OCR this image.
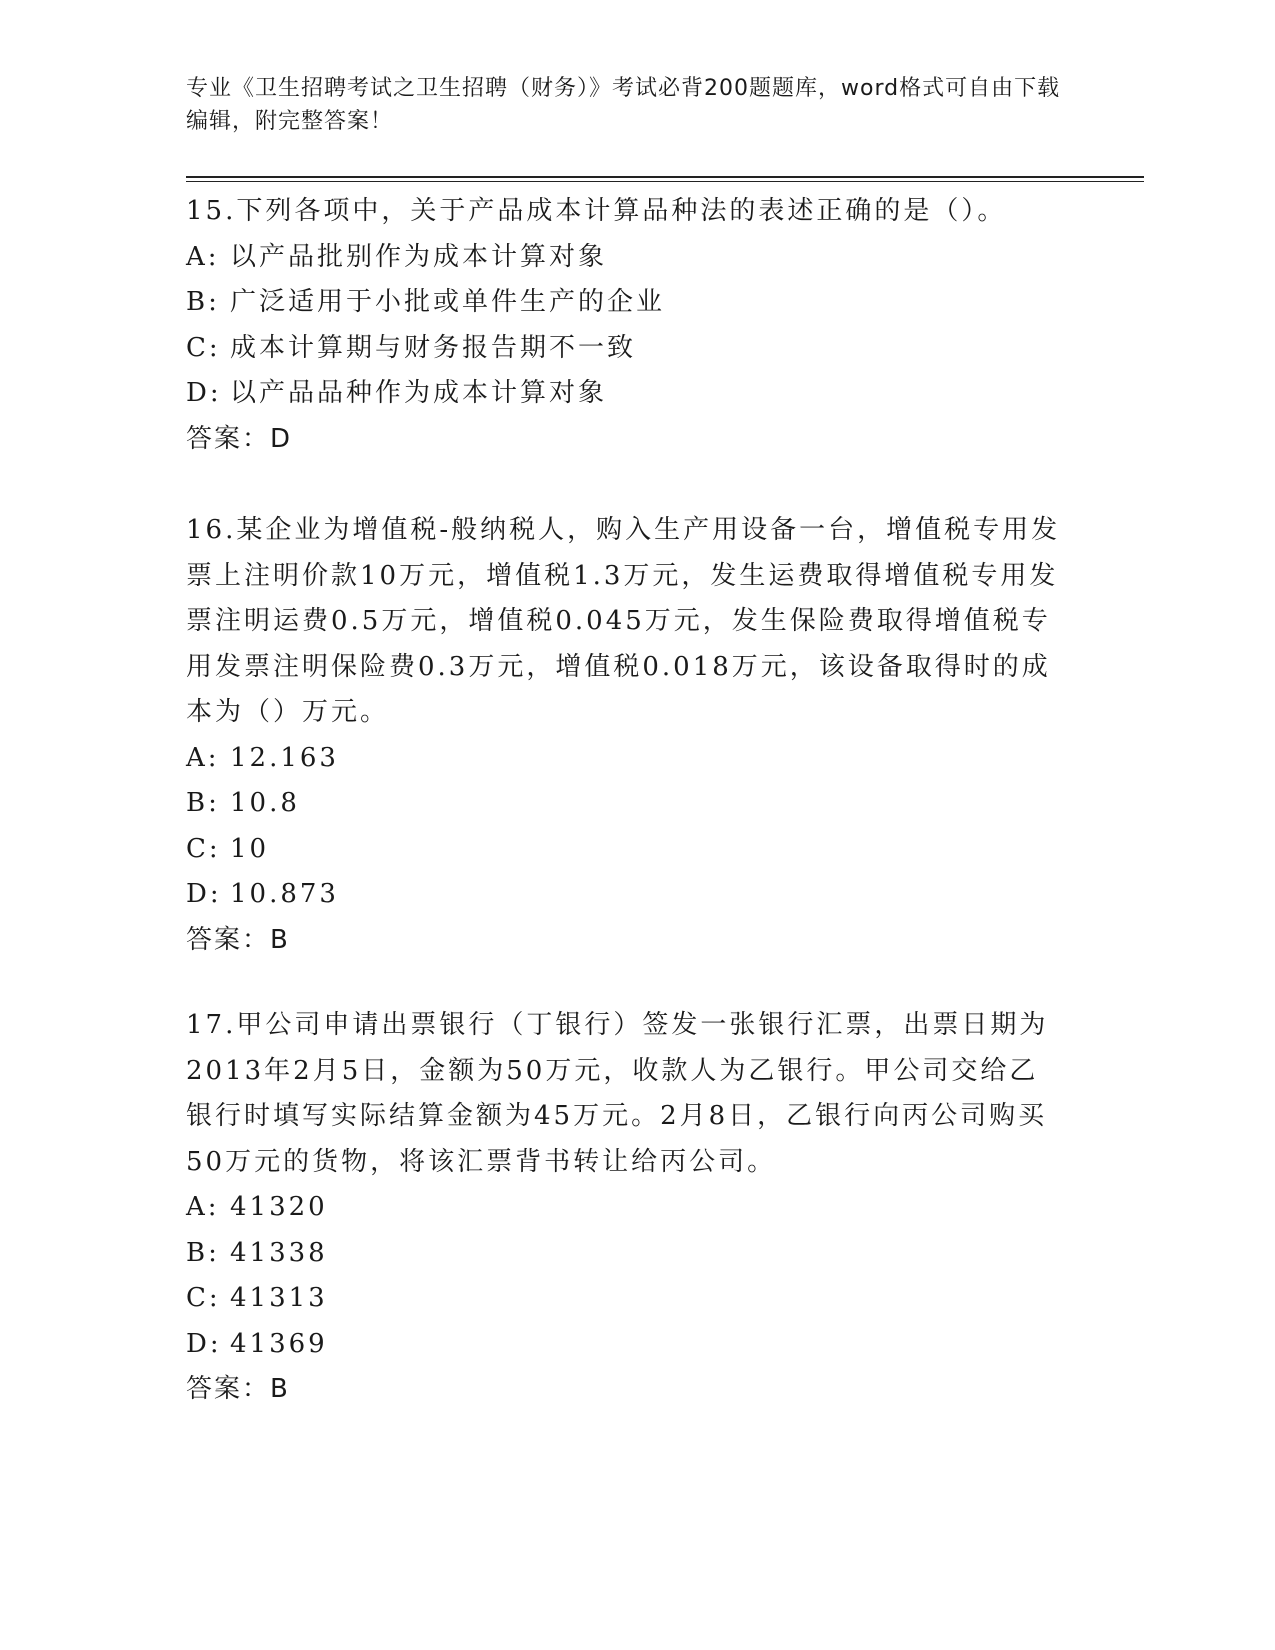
专业《卫生招聘考试之卫生招聘（财务）》考试必背200题题库，word格式可自由下载编辑，附完整答案！

15.下列各项中，关于产品成本计算品种法的表述正确的是（）。

A: 以产品批别作为成本计算对象

B: 广泛适用于小批或单件生产的企业

C: 成本计算期与财务报告期不一致

D: 以产品品种作为成本计算对象

答案：D

16.某企业为增值税-般纳税人，购入生产用设备一台，增值税专用发票上注明价款10万元，增值税1.3万元，发生运费取得增值税专用发票注明运费0.5万元，增值税0.045万元，发生保险费取得增值税专用发票注明保险费0.3万元，增值税0.018万元，该设备取得时的成本为（）万元。

A: 12.163

B: 10.8

C: 10

D: 10.873

答案：B

17.甲公司申请出票银行（丁银行）签发一张银行汇票，出票日期为2013年2月5日，金额为50万元，收款人为乙银行。甲公司交给乙银行时填写实际结算金额为45万元。2月8日，乙银行向丙公司购买50万元的货物，将该汇票背书转让给丙公司。

A: 41320

B: 41338

C: 41313

D: 41369

答案：B
